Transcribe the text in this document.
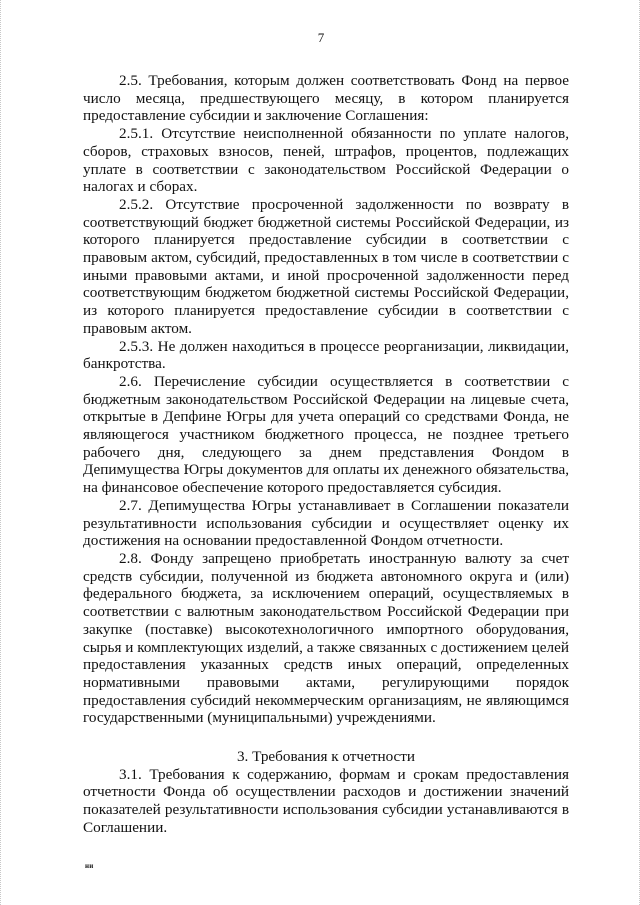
7

2.5. Требования, которым должен соответствовать Фонд на первое число месяца, предшествующего месяцу, в котором планируется предоставление субсидии и заключение Соглашения:

2.5.1. Отсутствие неисполненной обязанности по уплате налогов, сборов, страховых взносов, пеней, штрафов, процентов, подлежащих уплате в соответствии с законодательством Российской Федерации о налогах и сборах.

2.5.2. Отсутствие просроченной задолженности по возврату в соответствующий бюджет бюджетной системы Российской Федерации, из которого планируется предоставление субсидии в соответствии с правовым актом, субсидий, предоставленных в том числе в соответствии с иными правовыми актами, и иной просроченной задолженности перед соответствующим бюджетом бюджетной системы Российской Федерации, из которого планируется предоставление субсидии в соответствии с правовым актом.

2.5.3. Не должен находиться в процессе реорганизации, ликвидации, банкротства.

2.6. Перечисление субсидии осуществляется в соответствии с бюджетным законодательством Российской Федерации на лицевые счета, открытые в Депфине Югры для учета операций со средствами Фонда, не являющегося участником бюджетного процесса, не позднее третьего рабочего дня, следующего за днем представления Фондом в Депимущества Югры документов для оплаты их денежного обязательства, на финансовое обеспечение которого предоставляется субсидия.

2.7. Депимущества Югры устанавливает в Соглашении показатели результативности использования субсидии и осуществляет оценку их достижения на основании предоставленной Фондом отчетности.

2.8. Фонду запрещено приобретать иностранную валюту за счет средств субсидии, полученной из бюджета автономного округа и (или) федерального бюджета, за исключением операций, осуществляемых в соответствии с валютным законодательством Российской Федерации при закупке (поставке) высокотехнологичного импортного оборудования, сырья и комплектующих изделий, а также связанных с достижением целей предоставления указанных средств иных операций, определенных нормативными правовыми актами, регулирующими порядок предоставления субсидий некоммерческим организациям, не являющимся государственными (муниципальными) учреждениями.

3. Требования к отчетности

3.1. Требования к содержанию, формам и срокам предоставления отчетности Фонда об осуществлении расходов и достижении значений показателей результативности использования субсидии устанавливаются в Соглашении.

ни
